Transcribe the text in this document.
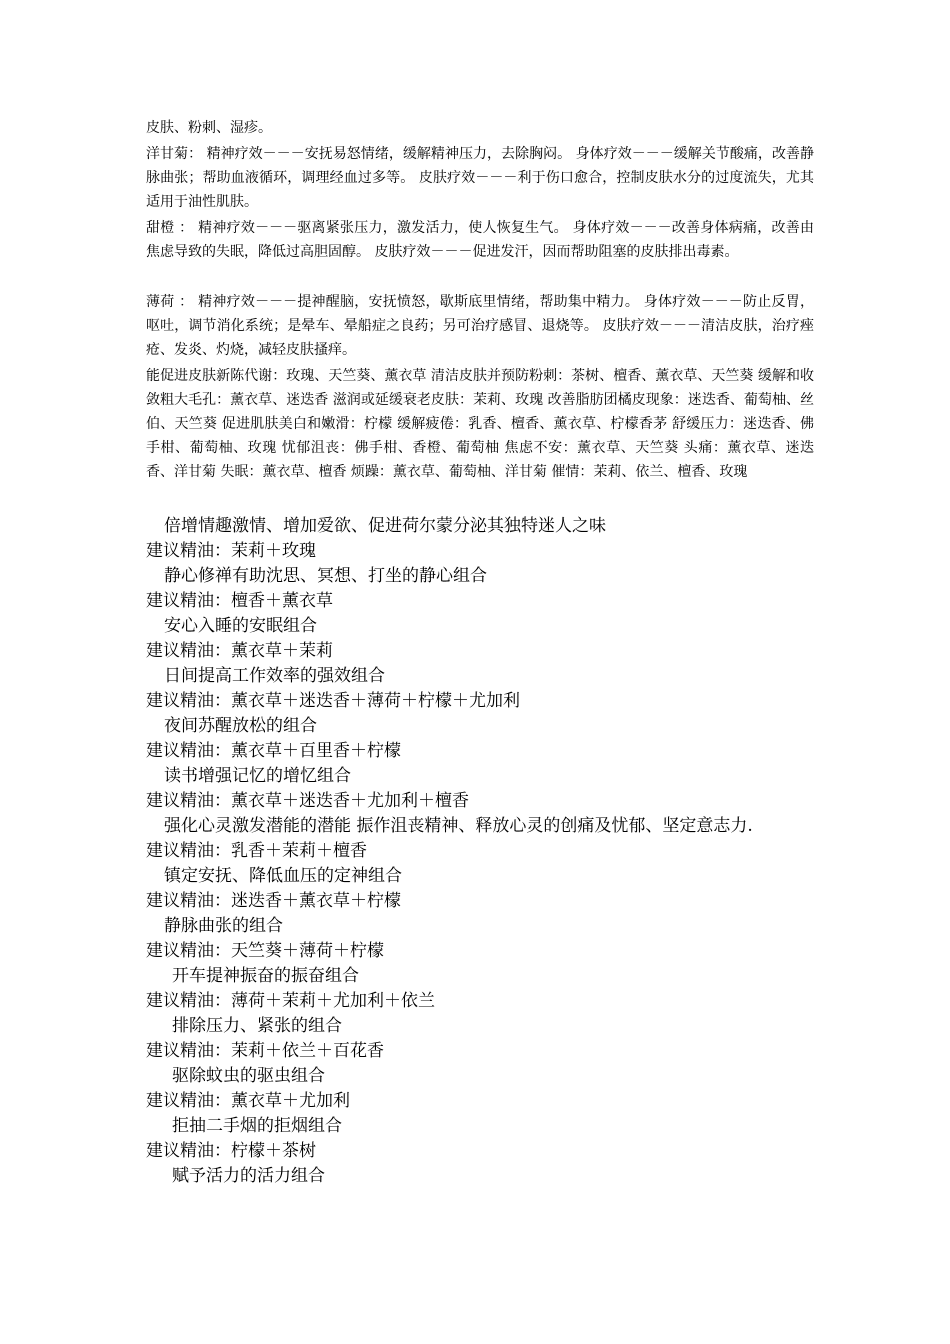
皮肤、粉刺、湿疹。
洋甘菊： 精神疗效－－－安抚易怒情绪，缓解精神压力，去除胸闷。 身体疗效－－－缓解关节酸痛，改善静脉曲张；帮助血液循环，调理经血过多等。 皮肤疗效－－－利于伤口愈合，控制皮肤水分的过度流失，尤其适用于油性肌肤。
甜橙 ： 精神疗效－－－驱离紧张压力，激发活力，使人恢复生气。 身体疗效－－－改善身体病痛，改善由焦虑导致的失眠，降低过高胆固醇。 皮肤疗效－－－促进发汗，因而帮助阻塞的皮肤排出毒素。
薄荷 ： 精神疗效－－－提神醒脑，安抚愤怒，歇斯底里情绪，帮助集中精力。 身体疗效－－－防止反胃，呕吐，调节消化系统；是晕车、晕船症之良药；另可治疗感冒、退烧等。 皮肤疗效－－－清洁皮肤，治疗痤疮、发炎、灼烧，减轻皮肤搔痒。
能促进皮肤新陈代谢：玫瑰、天竺葵、薰衣草 清洁皮肤并预防粉刺：茶树、檀香、薰衣草、天竺葵 缓解和收敛粗大毛孔：薰衣草、迷迭香 滋润或延缓衰老皮肤：茉莉、玫瑰 改善脂肪团橘皮现象：迷迭香、葡萄柚、丝伯、天竺葵 促进肌肤美白和嫩滑：柠檬 缓解疲倦：乳香、檀香、薰衣草、柠檬香茅 舒缓压力：迷迭香、佛手柑、葡萄柚、玫瑰 忧郁沮丧：佛手柑、香橙、葡萄柚 焦虑不安：薰衣草、天竺葵 头痛：薰衣草、迷迭香、洋甘菊 失眠：薰衣草、檀香 烦躁：薰衣草、葡萄柚、洋甘菊 催情：茉莉、依兰、檀香、玫瑰
倍增情趣激情、增加爱欲、促进荷尔蒙分泌其独特迷人之味
建议精油：茉莉＋玫瑰
静心修禅有助沈思、冥想、打坐的静心组合
建议精油：檀香＋薰衣草
安心入睡的安眠组合
建议精油：薰衣草＋茉莉
日间提高工作效率的强效组合
建议精油：薰衣草＋迷迭香＋薄荷＋柠檬＋尤加利
夜间苏醒放松的组合
建议精油：薰衣草＋百里香＋柠檬
读书增强记忆的增忆组合
建议精油：薰衣草＋迷迭香＋尤加利＋檀香
强化心灵激发潜能的潜能 振作沮丧精神、释放心灵的创痛及忧郁、坚定意志力.
建议精油：乳香＋茉莉＋檀香
镇定安抚、降低血压的定神组合
建议精油：迷迭香＋薰衣草＋柠檬
静脉曲张的组合
建议精油：天竺葵＋薄荷＋柠檬
开车提神振奋的振奋组合
建议精油：薄荷＋茉莉＋尤加利＋依兰
排除压力、紧张的组合
建议精油：茉莉＋依兰＋百花香
驱除蚊虫的驱虫组合
建议精油：薰衣草＋尤加利
拒抽二手烟的拒烟组合
建议精油：柠檬＋茶树
赋予活力的活力组合
